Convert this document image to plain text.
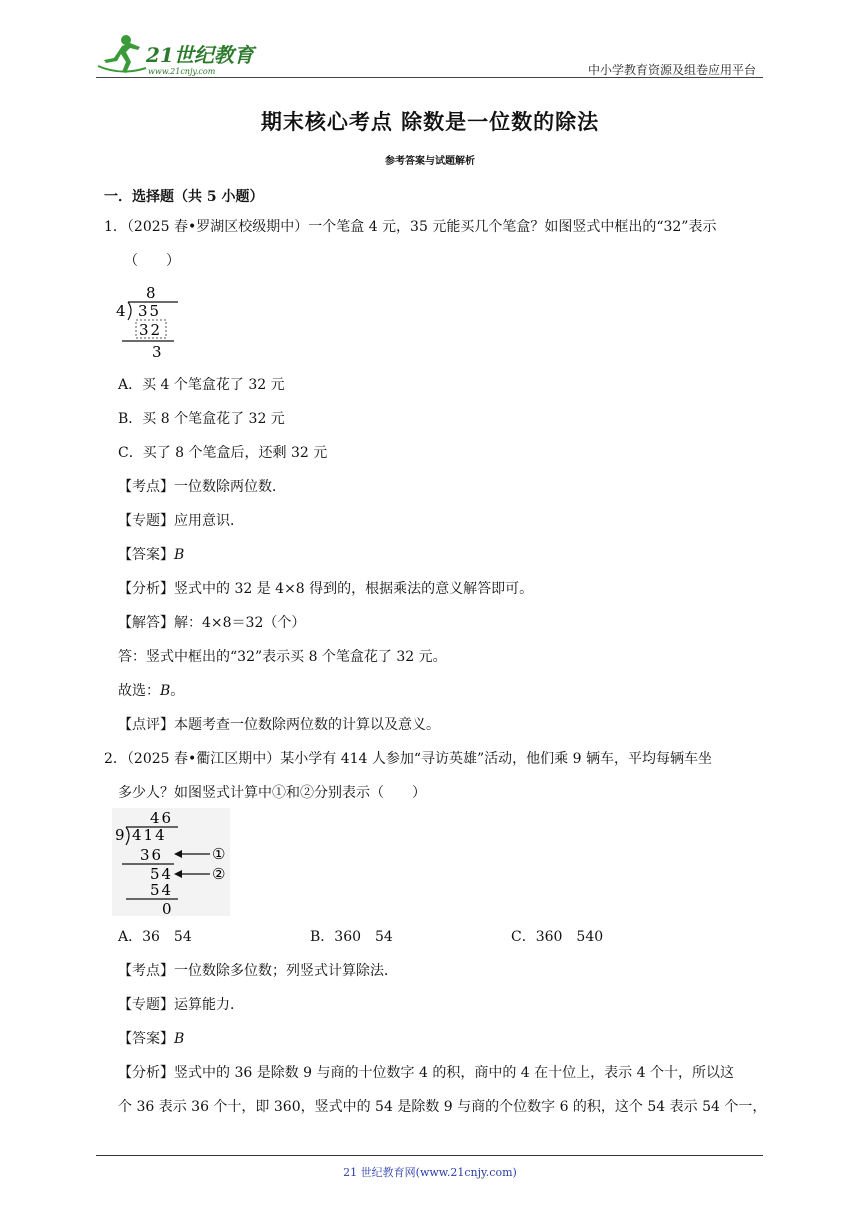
21世纪教育
www.21cnjy.com	中小学教育资源及组卷应用平台
期末核心考点 除数是一位数的除法
参考答案与试题解析
一．选择题（共 5 小题）
1．（2025 春•罗湖区校级期中）一个笔盒 4 元，35 元能买几个笔盒？如图竖式中框出的“32”表示
（　　）
8
4 35
32
3
A．买 4 个笔盒花了 32 元
B．买 8 个笔盒花了 32 元
C．买了 8 个笔盒后，还剩 32 元
【考点】一位数除两位数．
【专题】应用意识．
【答案】B
【分析】竖式中的 32 是 4×8 得到的，根据乘法的意义解答即可。
【解答】解：4×8＝32（个）
答：竖式中框出的“32”表示买 8 个笔盒花了 32 元。
故选：B。
【点评】本题考查一位数除两位数的计算以及意义。
2．（2025 春•衢江区期中）某小学有 414 人参加“寻访英雄”活动，他们乘 9 辆车，平均每辆车坐
多少人？如图竖式计算中①和②分别表示（　　）
46
9 414
36
54
54
0
①
②
A．36　54	B．360　54	C．360　540
【考点】一位数除多位数；列竖式计算除法．
【专题】运算能力．
【答案】B
【分析】竖式中的 36 是除数 9 与商的十位数字 4 的积，商中的 4 在十位上，表示 4 个十，所以这
个 36 表示 36 个十，即 360，竖式中的 54 是除数 9 与商的个位数字 6 的积，这个 54 表示 54 个一，
21 世纪教育网(www.21cnjy.com)
